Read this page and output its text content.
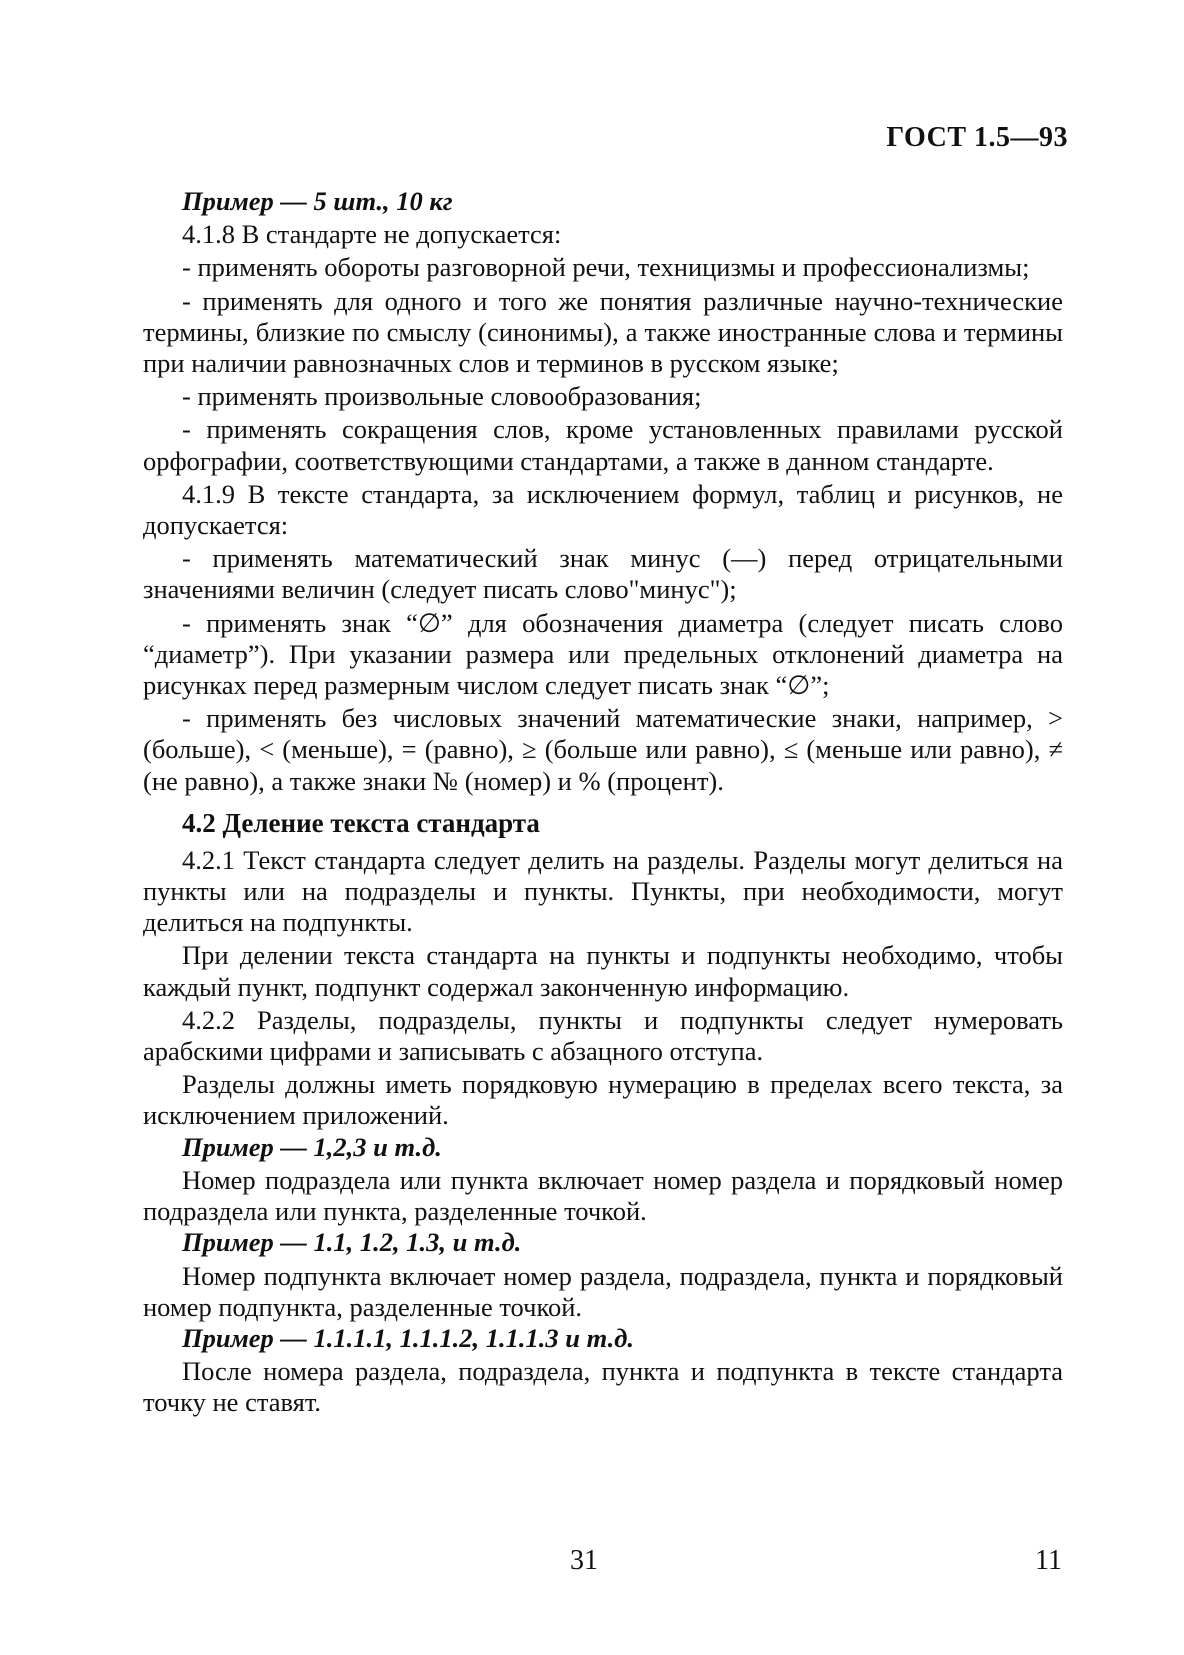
ГОСТ 1.5—93

Пример — 5 шт., 10 кг

4.1.8 В стандарте не допускается:

- применять обороты разговорной речи, техницизмы и профессионализмы;

- применять для одного и того же понятия различные научно-технические термины, близкие по смыслу (синонимы), а также иностранные слова и термины при наличии равнозначных слов и терминов в русском языке;

- применять произвольные словообразования;

- применять сокращения слов, кроме установленных правилами русской орфографии, соответствующими стандартами, а также в данном стандарте.

4.1.9 В тексте стандарта, за исключением формул, таблиц и рисунков, не допускается:

- применять математический знак минус (—) перед отрицательными значениями величин (следует писать слово"минус");

- применять знак “∅” для обозначения диаметра (следует писать слово “диаметр”). При указании размера или предельных отклонений диаметра на рисунках перед размерным числом следует писать знак “∅”;

- применять без числовых значений математические знаки, например, > (больше), < (меньше), = (равно), ≥ (больше или равно), ≤ (меньше или равно), ≠ (не равно), а также знаки № (номер) и % (процент).

4.2 Деление текста стандарта

4.2.1 Текст стандарта следует делить на разделы. Разделы могут делиться на пункты или на подразделы и пункты. Пункты, при необходимости, могут делиться на подпункты.

При делении текста стандарта на пункты и подпункты необходимо, чтобы каждый пункт, подпункт содержал законченную информацию.

4.2.2 Разделы, подразделы, пункты и подпункты следует нумеровать арабскими цифрами и записывать с абзацного отступа.

Разделы должны иметь порядковую нумерацию в пределах всего текста, за исключением приложений.

Пример — 1,2,3 и т.д.

Номер подраздела или пункта включает номер раздела и порядковый номер подраздела или пункта, разделенные точкой.

Пример — 1.1, 1.2, 1.3, и т.д.

Номер подпункта включает номер раздела, подраздела, пункта и порядковый номер подпункта, разделенные точкой.

Пример — 1.1.1.1, 1.1.1.2, 1.1.1.3 и т.д.

После номера раздела, подраздела, пункта и подпункта в тексте стандарта точку не ставят.

31	11
